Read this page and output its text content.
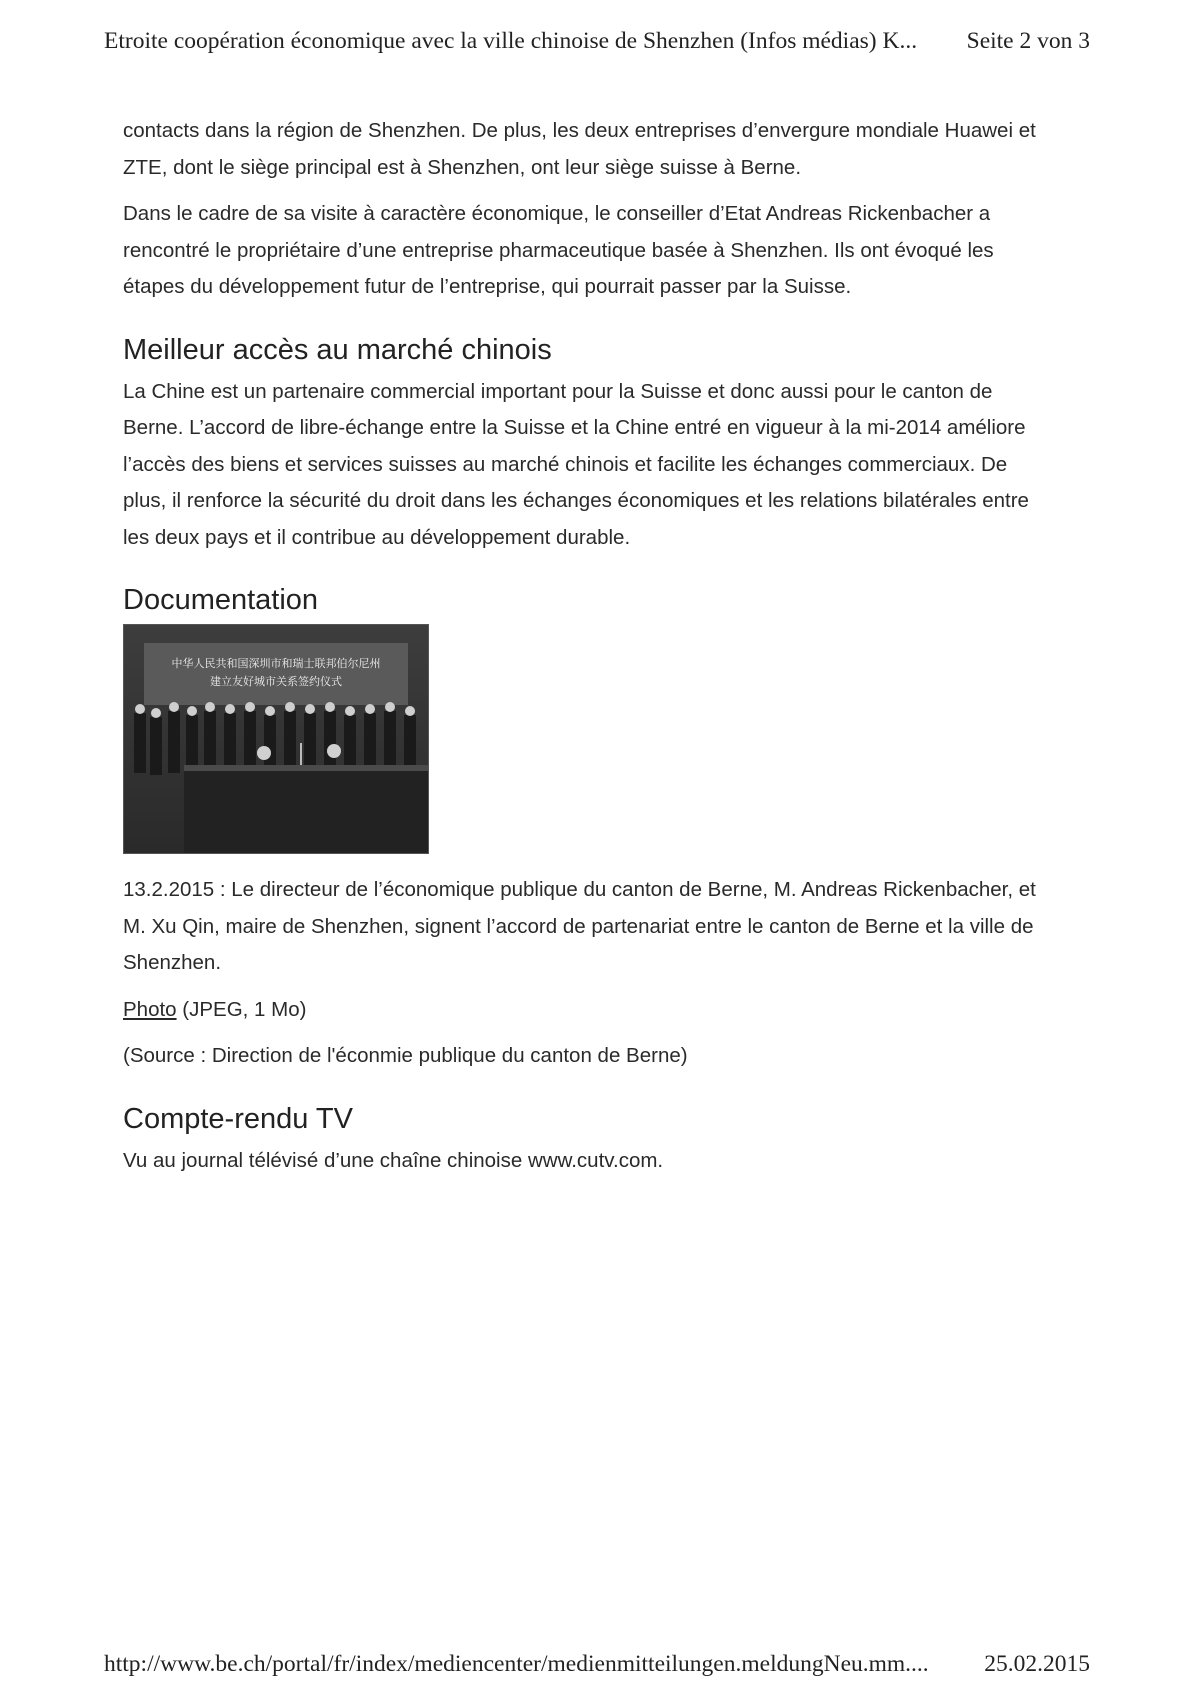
Etroite coopération économique avec la ville chinoise de Shenzhen (Infos médias) K... Seite 2 von 3

contacts dans la région de Shenzhen. De plus, les deux entreprises d’envergure mondiale Huawei et ZTE, dont le siège principal est à Shenzhen, ont leur siège suisse à Berne.

Dans le cadre de sa visite à caractère économique, le conseiller d’Etat Andreas Rickenbacher a rencontré le propriétaire d’une entreprise pharmaceutique basée à Shenzhen. Ils ont évoqué les étapes du développement futur de l’entreprise, qui pourrait passer par la Suisse.

Meilleur accès au marché chinois

La Chine est un partenaire commercial important pour la Suisse et donc aussi pour le canton de Berne. L’accord de libre-échange entre la Suisse et la Chine entré en vigueur à la mi-2014 améliore l’accès des biens et services suisses au marché chinois et facilite les échanges commerciaux. De plus, il renforce la sécurité du droit dans les échanges économiques et les relations bilatérales entre les deux pays et il contribue au développement durable.

Documentation
中华人民共和国深圳市和瑞士联邦伯尔尼州
建立友好城市关系签约仪式

13.2.2015 : Le directeur de l’économique publique du canton de Berne, M. Andreas Rickenbacher, et M. Xu Qin, maire de Shenzhen, signent l’accord de partenariat entre le canton de Berne et la ville de Shenzhen.

Photo (JPEG, 1 Mo)

(Source : Direction de l'éconmie publique du canton de Berne)

Compte-rendu TV

Vu au journal télévisé d’une chaîne chinoise www.cutv.com.

http://www.be.ch/portal/fr/index/mediencenter/medienmitteilungen.meldungNeu.mm.... 25.02.2015
